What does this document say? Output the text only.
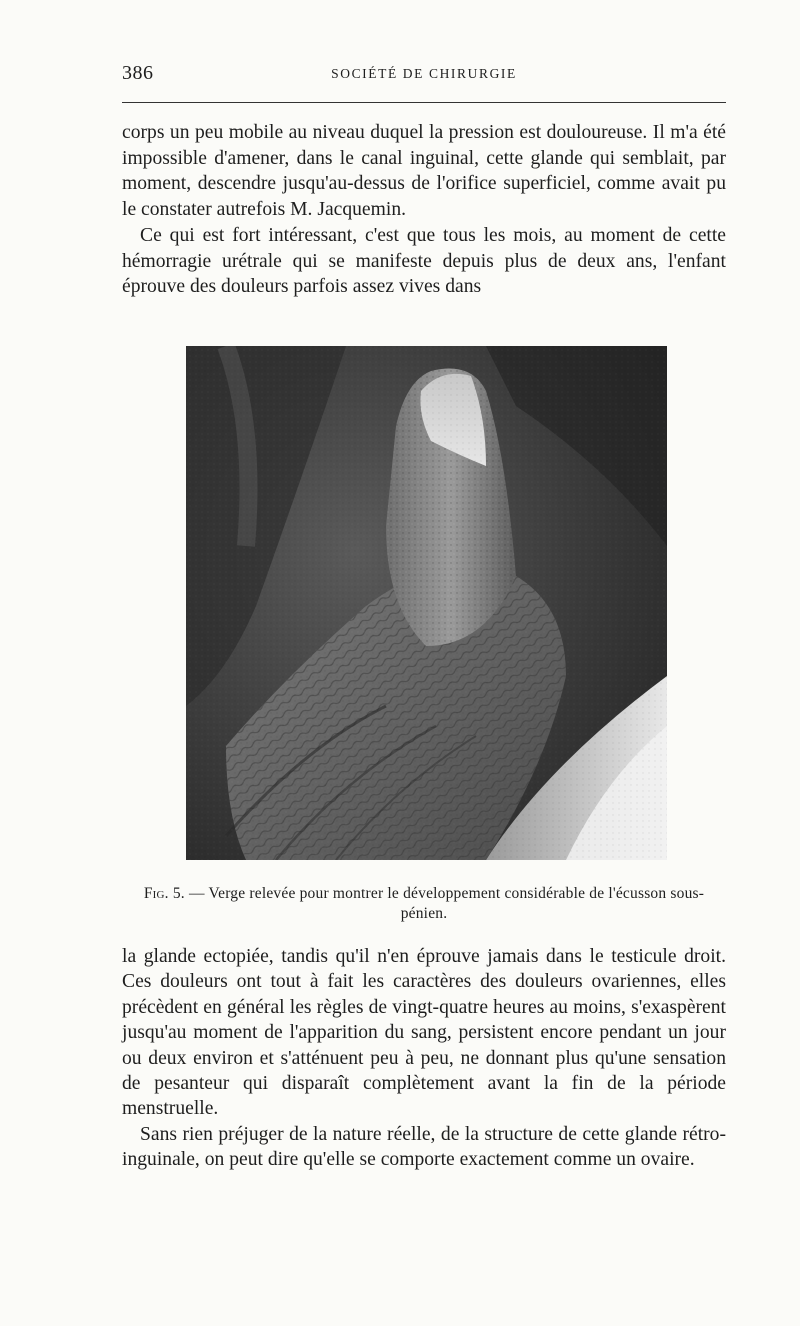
386	SOCIÉTÉ DE CHIRURGIE

corps un peu mobile au niveau duquel la pression est douloureuse. Il m'a été impossible d'amener, dans le canal inguinal, cette glande qui semblait, par moment, descendre jusqu'au-dessus de l'orifice superficiel, comme avait pu le constater autrefois M. Jacquemin.

Ce qui est fort intéressant, c'est que tous les mois, au moment de cette hémorragie urétrale qui se manifeste depuis plus de deux ans, l'enfant éprouve des douleurs parfois assez vives dans

Fig. 5. — Verge relevée pour montrer le développement considérable de l'écusson sous-pénien.

la glande ectopiée, tandis qu'il n'en éprouve jamais dans le testicule droit. Ces douleurs ont tout à fait les caractères des douleurs ovariennes, elles précèdent en général les règles de vingt-quatre heures au moins, s'exaspèrent jusqu'au moment de l'apparition du sang, persistent encore pendant un jour ou deux environ et s'atténuent peu à peu, ne donnant plus qu'une sensation de pesanteur qui disparaît complètement avant la fin de la période menstruelle.

Sans rien préjuger de la nature réelle, de la structure de cette glande rétro-inguinale, on peut dire qu'elle se comporte exactement comme un ovaire.
